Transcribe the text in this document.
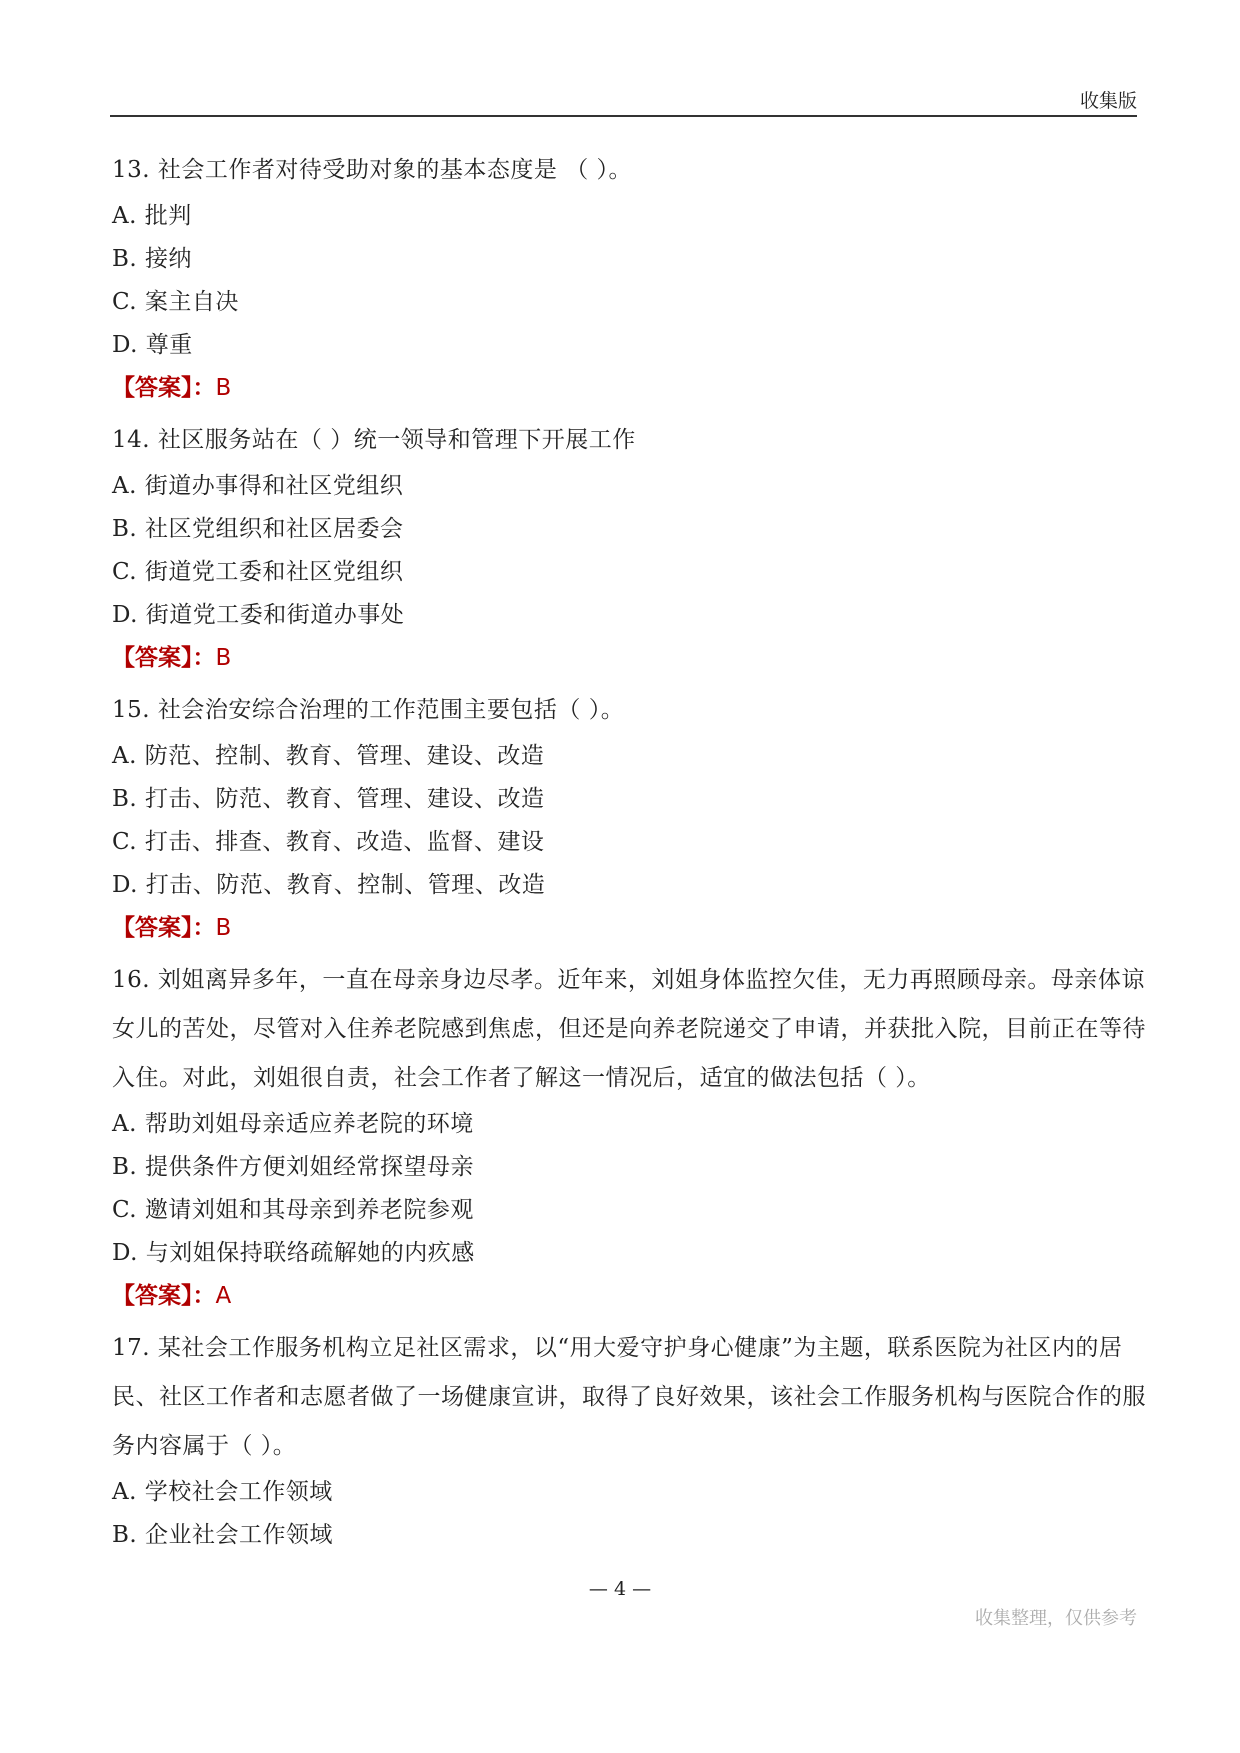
收集版

13. 社会工作者对待受助对象的基本态度是 （ ）。

A. 批判

B. 接纳

C. 案主自决

D. 尊重

【答案】：B

14. 社区服务站在（ ）统一领导和管理下开展工作

A. 街道办事得和社区党组织

B. 社区党组织和社区居委会

C. 街道党工委和社区党组织

D. 街道党工委和街道办事处

【答案】：B

15. 社会治安综合治理的工作范围主要包括（ ）。

A. 防范、控制、教育、管理、建设、改造

B. 打击、防范、教育、管理、建设、改造

C. 打击、排查、教育、改造、监督、建设

D. 打击、防范、教育、控制、管理、改造

【答案】：B

16. 刘姐离异多年，一直在母亲身边尽孝。近年来，刘姐身体监控欠佳，无力再照顾母亲。母亲体谅女儿的苦处，尽管对入住养老院感到焦虑，但还是向养老院递交了申请，并获批入院，目前正在等待入住。对此，刘姐很自责，社会工作者了解这一情况后，适宜的做法包括（ ）。

A. 帮助刘姐母亲适应养老院的环境

B. 提供条件方便刘姐经常探望母亲

C. 邀请刘姐和其母亲到养老院参观

D. 与刘姐保持联络疏解她的内疚感

【答案】：A

17. 某社会工作服务机构立足社区需求，以“用大爱守护身心健康”为主题，联系医院为社区内的居民、社区工作者和志愿者做了一场健康宣讲，取得了良好效果，该社会工作服务机构与医院合作的服务内容属于（ ）。

A. 学校社会工作领域

B. 企业社会工作领域

— 4 —
收集整理，仅供参考
